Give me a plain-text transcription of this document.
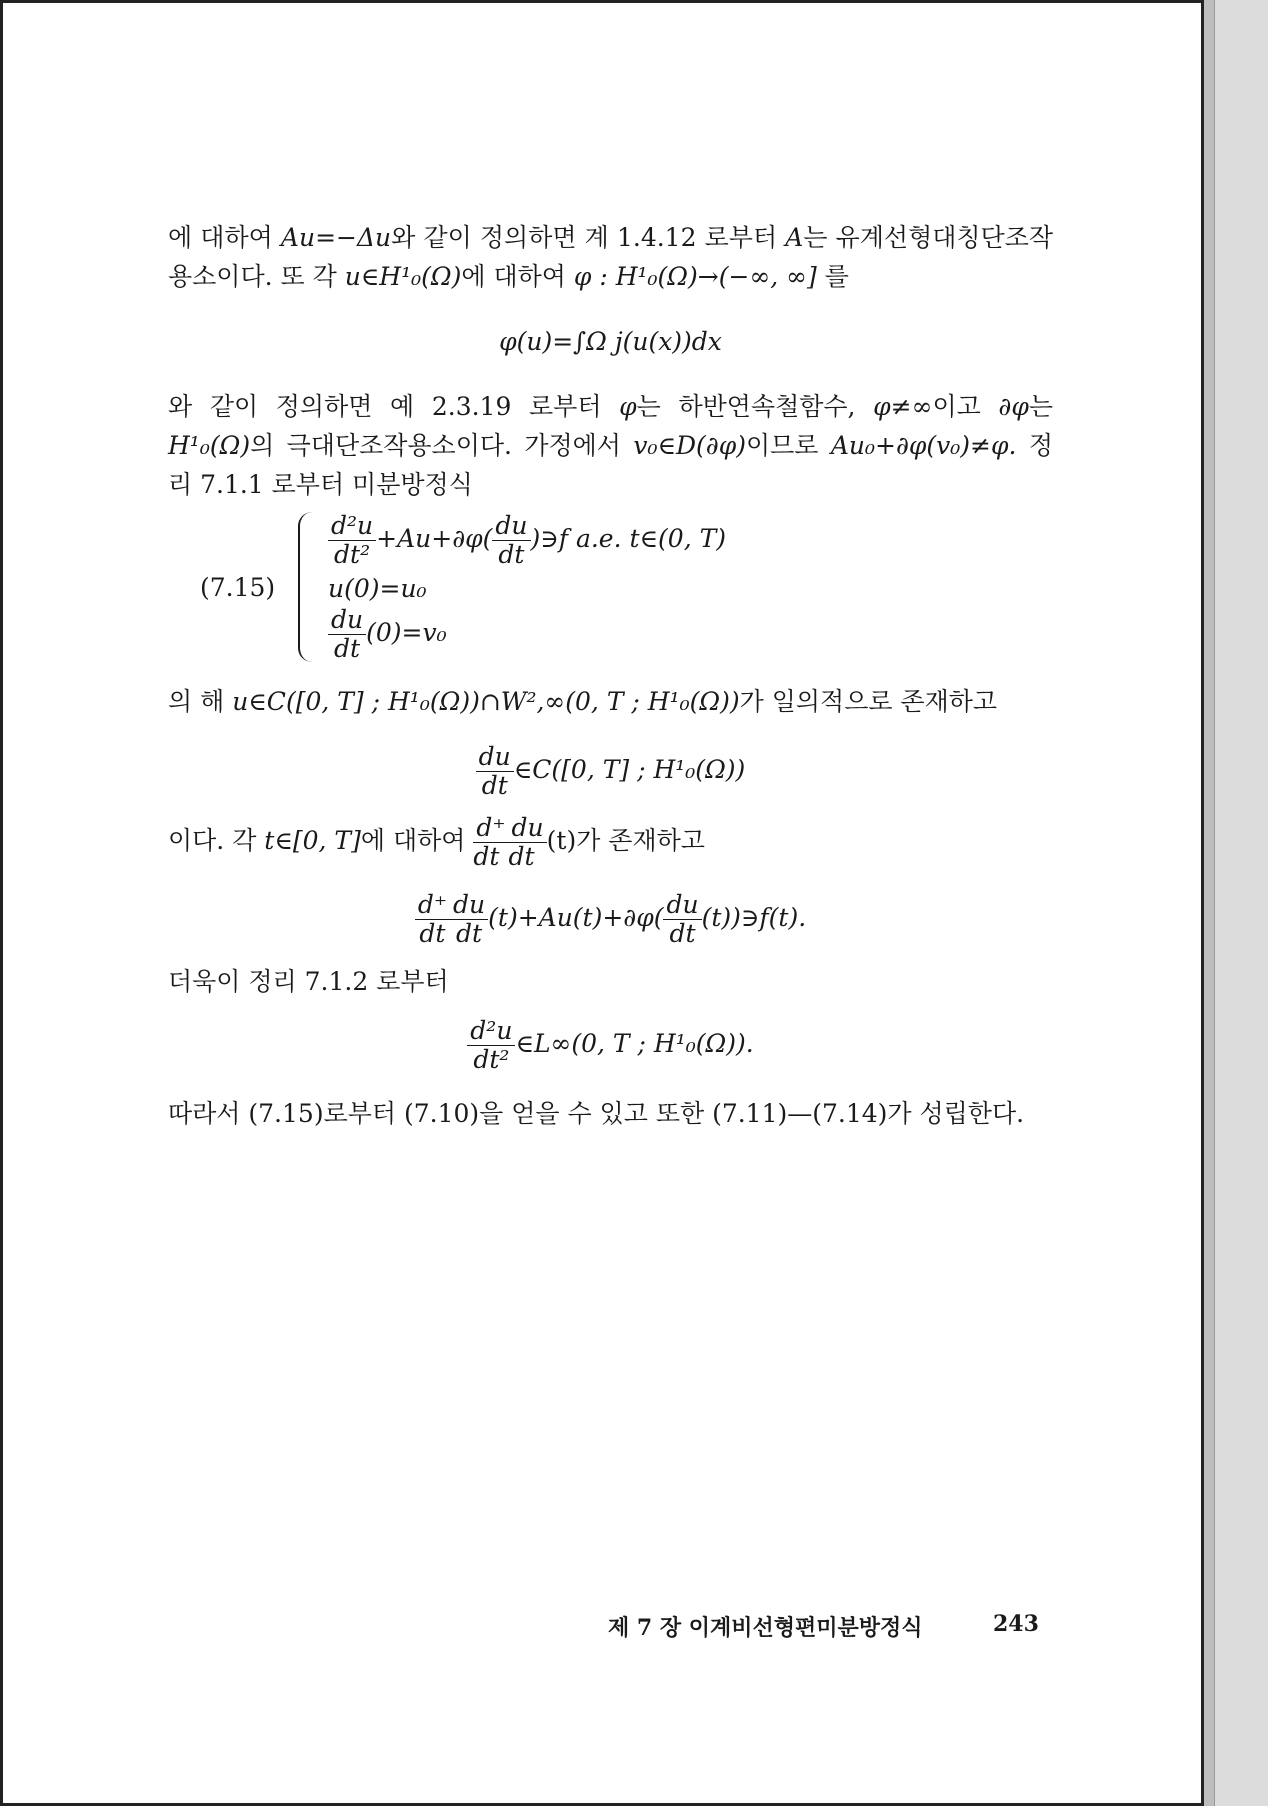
에 대하여 Au=−Δu와 같이 정의하면 계 1.4.12 로부터 A는 유계선형대칭단조작용소이다. 또 각 u∈H¹₀(Ω)에 대하여 φ : H¹₀(Ω)→(−∞, ∞] 를

φ(u)=∫Ω j(u(x))dx

와 같이 정의하면 예 2.3.19 로부터 φ는 하반연속철함수, φ≠∞이고 ∂φ는 H¹₀(Ω)의 극대단조작용소이다. 가정에서 v₀∈D(∂φ)이므로 Au₀+∂φ(v₀)≠φ. 정리 7.1.1 로부터 미분방정식

(7.15)
$\frac{\text{d²u}}{\text{dt²}} +Au+\partial\varphi( \frac{du}{dt}$ )∋f a.e. t∈(0, T)
u(0)=u₀
$\frac{du}{dt} (0)=v_0$

의 해 u∈C([0, T] ; H¹₀(Ω))∩W²,∞(0, T ; H¹₀(Ω))가 일의적으로 존재하고

$\frac{du}{dt}$ ∈C([0, T] ; H¹₀(Ω))

이다. 각 t∈[0, T]에 대하여 $\frac{d^+}{dt} \frac{du}{dt} (t)$가 존재하고

$\frac{d^+}{dt} \frac{du}{dt} (t)+Au(t)+\partial\varphi( \frac{du}{dt}$ (t))∋f(t).

더욱이 정리 7.1.2 로부터

$\frac{\text{d²u}}{\text{dt²}}$ ∈L∞(0, T ; H¹₀(Ω)).

따라서 (7.15)로부터 (7.10)을 얻을 수 있고 또한 (7.11)—(7.14)가 성립한다.

제 7 장 이계비선형편미분방정식	243
